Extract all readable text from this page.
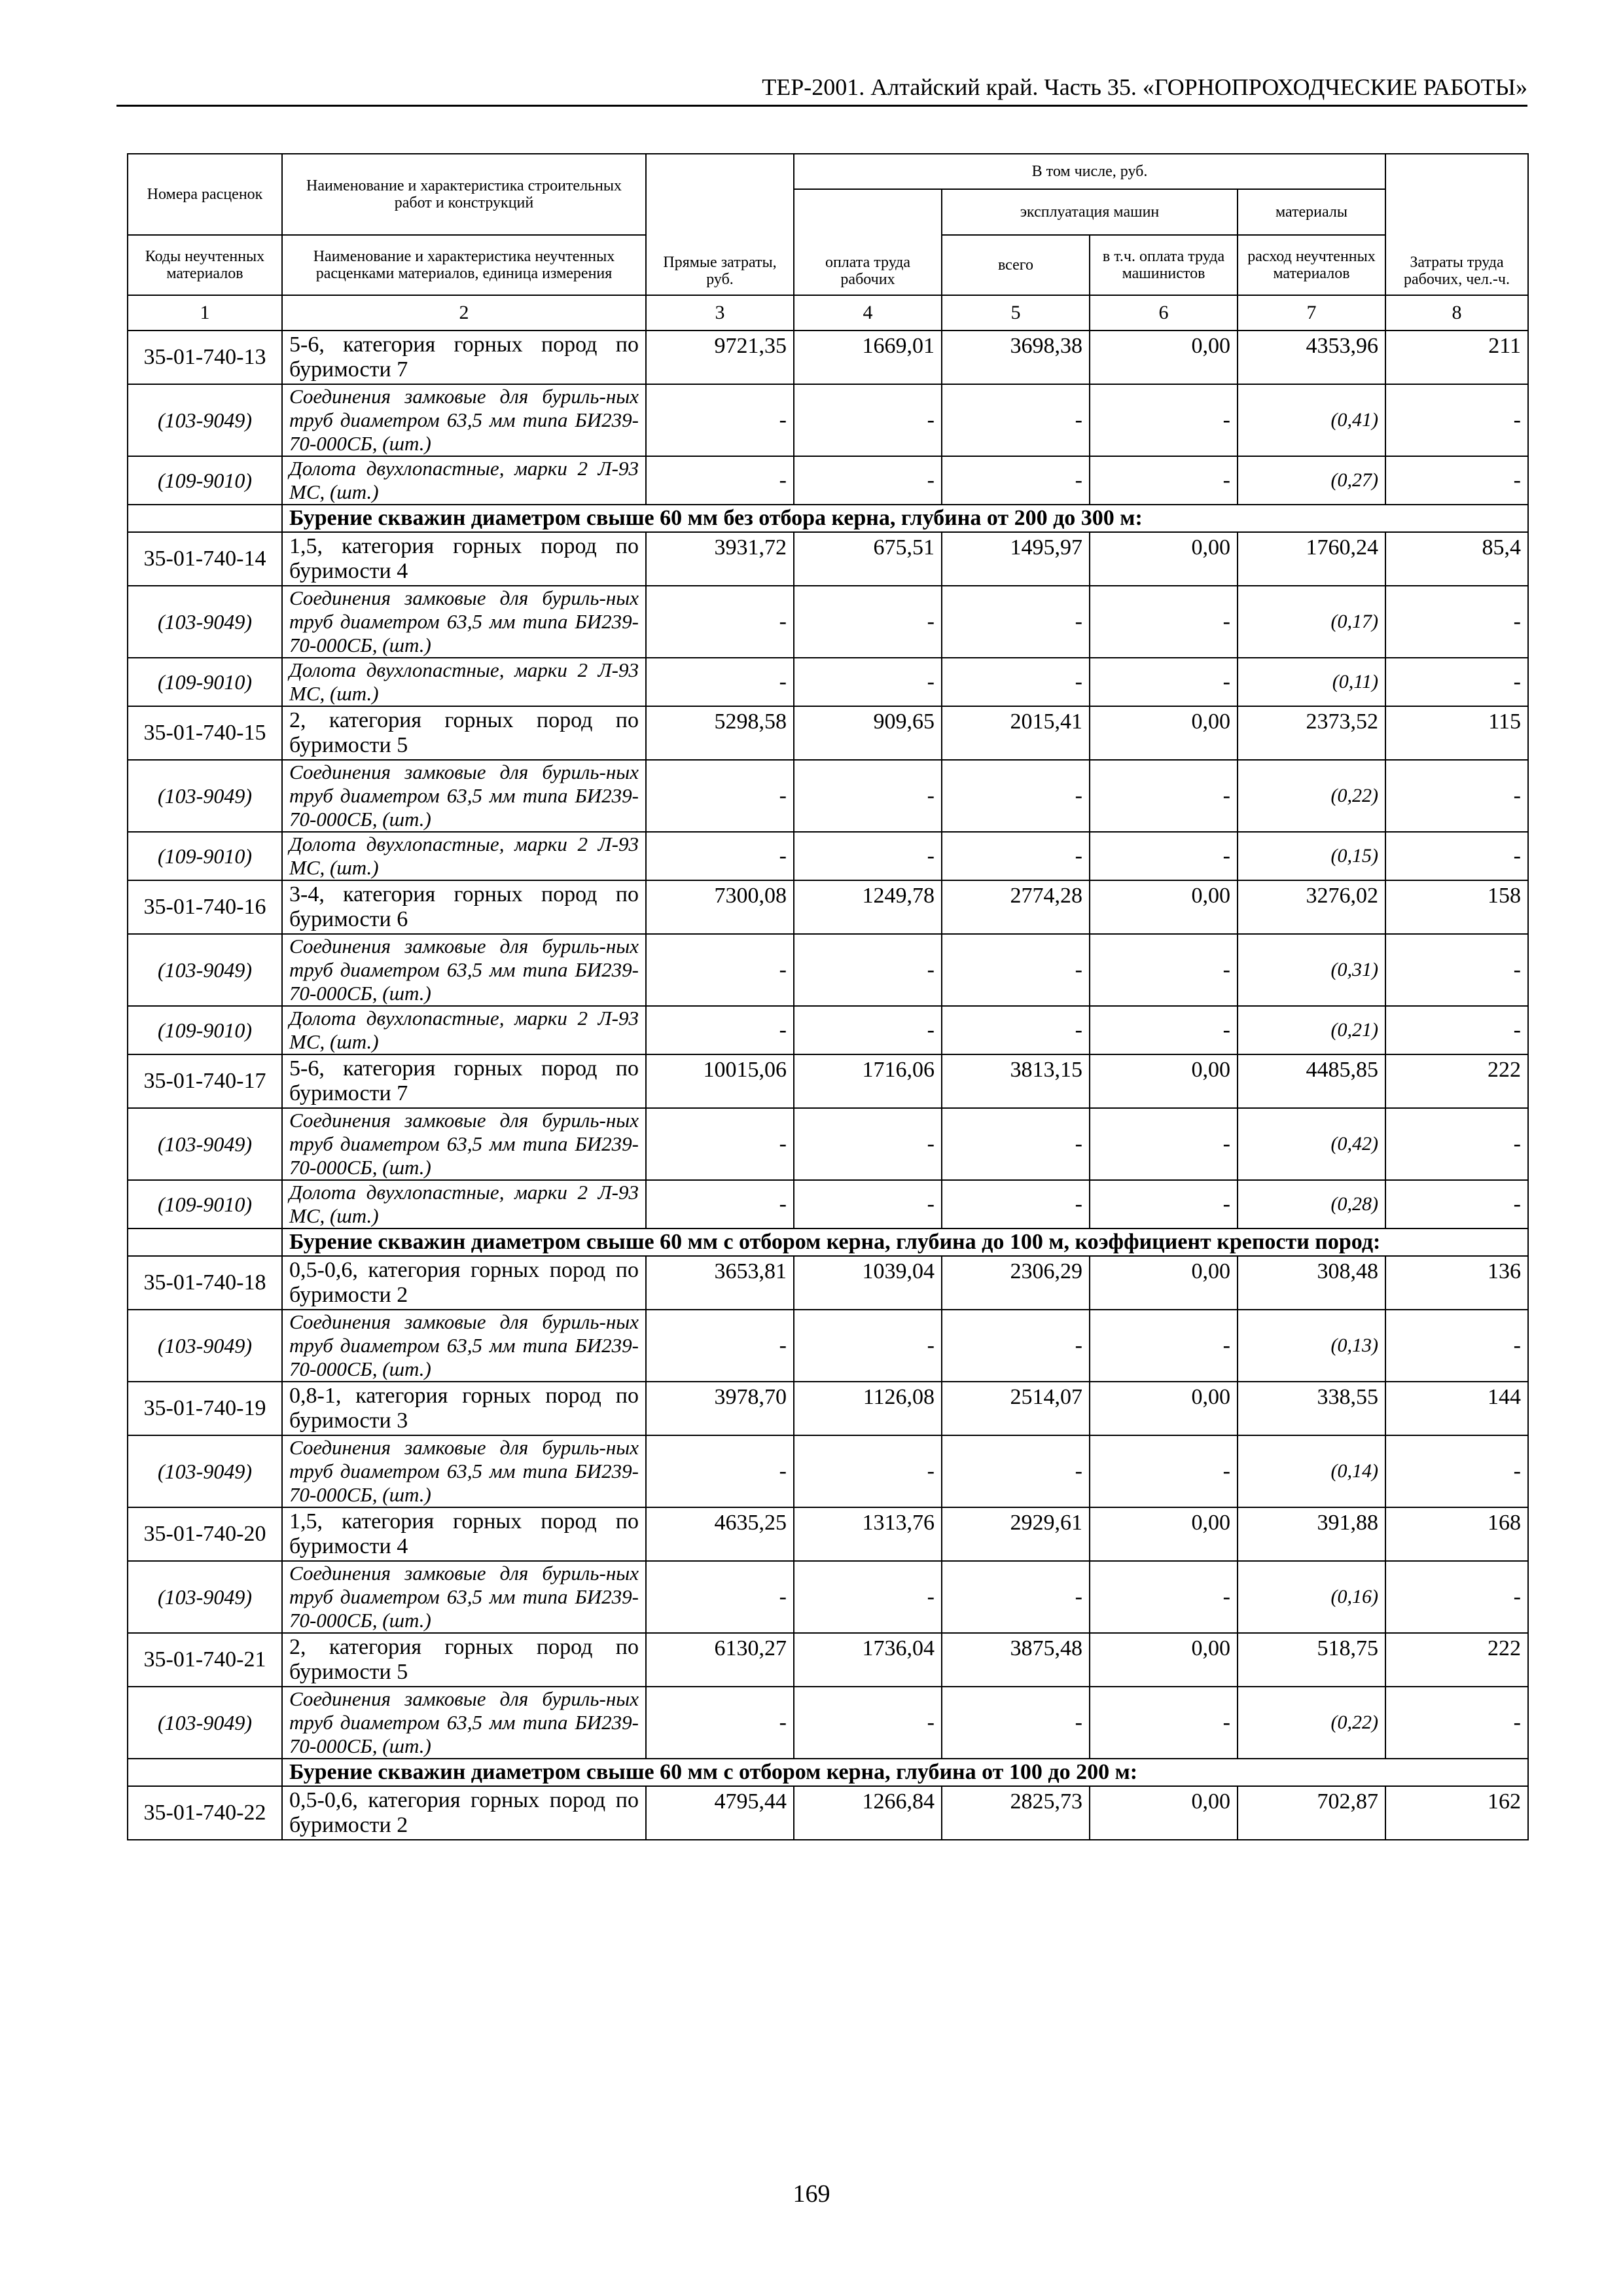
ТЕР-2001. Алтайский край. Часть 35. «ГОРНОПРОХОДЧЕСКИЕ РАБОТЫ»
Номера расценок	Наименование и характеристика строительных работ и конструкций	Прямые затраты, руб.	В том числе, руб.				Затраты труда рабочих, чел.-ч.
			оплата труда рабочих	эксплуатация машин		материалы	
Коды неучтенных материалов	Наименование и характеристика неучтенных расценками материалов, единица измерения			всего	в т.ч. оплата труда машинистов	расход неучтенных материалов	
1	2	3	4	5	6	7	8
35-01-740-13	5-6, категория горных пород по буримости 7	9721,35	1669,01	3698,38	0,00	4353,96	211
(103-9049)	Соединения замковые для буриль-ных труб диаметром 63,5 мм типа БИ239-70-000СБ, (шт.)	-	-	-	-	(0,41)	-
(109-9010)	Долота двухлопастные, марки 2 Л-93 МС, (шт.)	-	-	-	-	(0,27)	-
	Бурение скважин диаметром свыше 60 мм без отбора керна, глубина от 200 до 300 м:						
35-01-740-14	1,5, категория горных пород по буримости 4	3931,72	675,51	1495,97	0,00	1760,24	85,4
(103-9049)	Соединения замковые для буриль-ных труб диаметром 63,5 мм типа БИ239-70-000СБ, (шт.)	-	-	-	-	(0,17)	-
(109-9010)	Долота двухлопастные, марки 2 Л-93 МС, (шт.)	-	-	-	-	(0,11)	-
35-01-740-15	2, категория горных пород по буримости 5	5298,58	909,65	2015,41	0,00	2373,52	115
(103-9049)	Соединения замковые для буриль-ных труб диаметром 63,5 мм типа БИ239-70-000СБ, (шт.)	-	-	-	-	(0,22)	-
(109-9010)	Долота двухлопастные, марки 2 Л-93 МС, (шт.)	-	-	-	-	(0,15)	-
35-01-740-16	3-4, категория горных пород по буримости 6	7300,08	1249,78	2774,28	0,00	3276,02	158
(103-9049)	Соединения замковые для буриль-ных труб диаметром 63,5 мм типа БИ239-70-000СБ, (шт.)	-	-	-	-	(0,31)	-
(109-9010)	Долота двухлопастные, марки 2 Л-93 МС, (шт.)	-	-	-	-	(0,21)	-
35-01-740-17	5-6, категория горных пород по буримости 7	10015,06	1716,06	3813,15	0,00	4485,85	222
(103-9049)	Соединения замковые для буриль-ных труб диаметром 63,5 мм типа БИ239-70-000СБ, (шт.)	-	-	-	-	(0,42)	-
(109-9010)	Долота двухлопастные, марки 2 Л-93 МС, (шт.)	-	-	-	-	(0,28)	-
	Бурение скважин диаметром свыше 60 мм с отбором керна, глубина до 100 м, коэффициент крепости пород:						
35-01-740-18	0,5-0,6, категория горных пород по буримости 2	3653,81	1039,04	2306,29	0,00	308,48	136
(103-9049)	Соединения замковые для буриль-ных труб диаметром 63,5 мм типа БИ239-70-000СБ, (шт.)	-	-	-	-	(0,13)	-
35-01-740-19	0,8-1, категория горных пород по буримости 3	3978,70	1126,08	2514,07	0,00	338,55	144
(103-9049)	Соединения замковые для буриль-ных труб диаметром 63,5 мм типа БИ239-70-000СБ, (шт.)	-	-	-	-	(0,14)	-
35-01-740-20	1,5, категория горных пород по буримости 4	4635,25	1313,76	2929,61	0,00	391,88	168
(103-9049)	Соединения замковые для буриль-ных труб диаметром 63,5 мм типа БИ239-70-000СБ, (шт.)	-	-	-	-	(0,16)	-
35-01-740-21	2, категория горных пород по буримости 5	6130,27	1736,04	3875,48	0,00	518,75	222
(103-9049)	Соединения замковые для буриль-ных труб диаметром 63,5 мм типа БИ239-70-000СБ, (шт.)	-	-	-	-	(0,22)	-
	Бурение скважин диаметром свыше 60 мм с отбором керна, глубина от 100 до 200 м:						
35-01-740-22	0,5-0,6, категория горных пород по буримости 2	4795,44	1266,84	2825,73	0,00	702,87	162
169
